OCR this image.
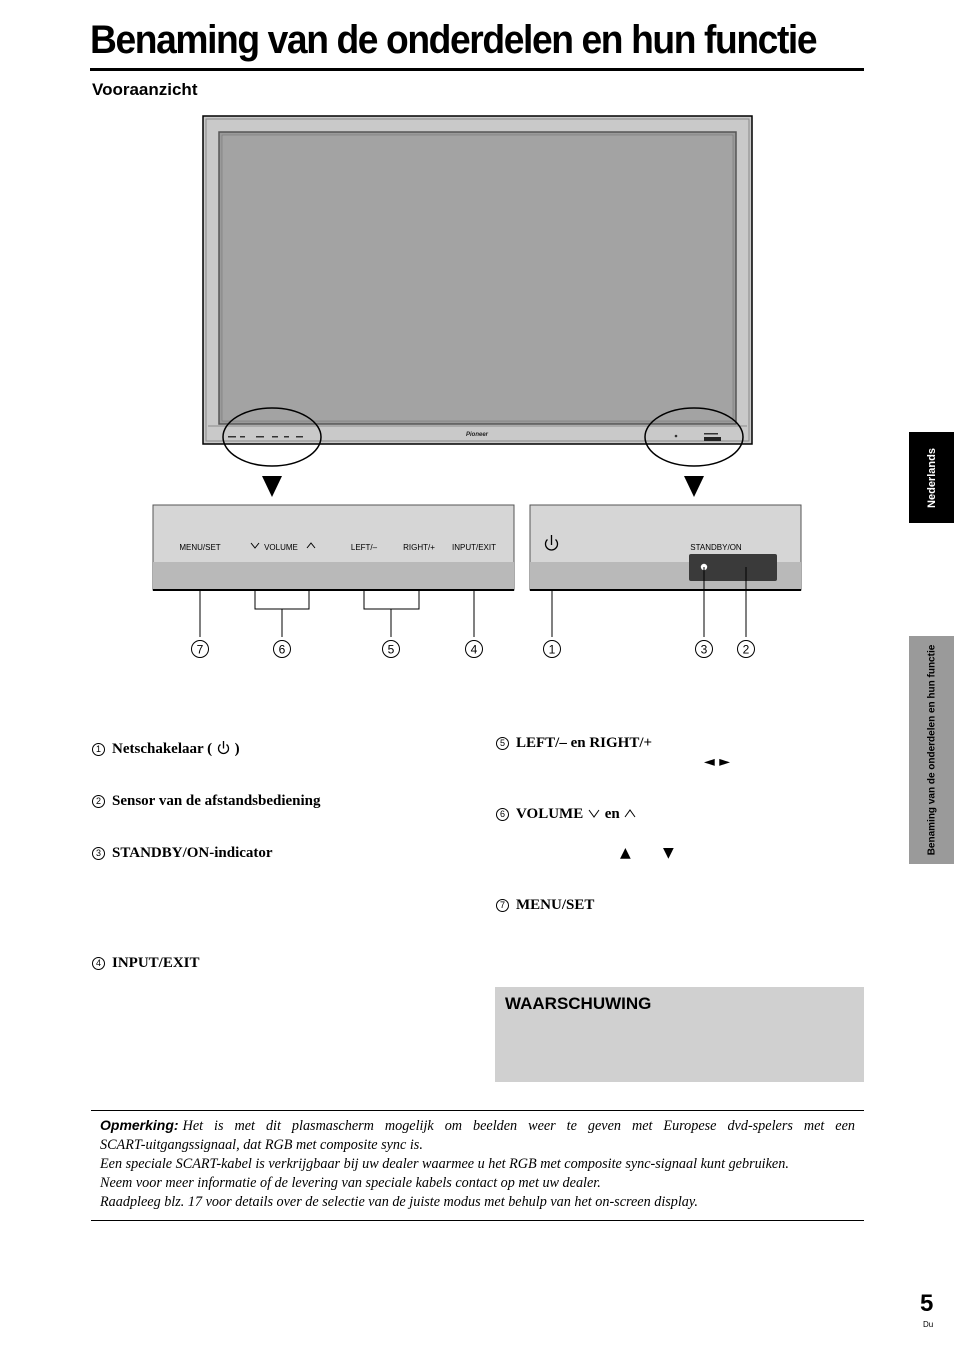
Benaming van de onderdelen en hun functie
Vooraanzicht
Nederlands
Benaming van de onderdelen en hun functie
Pioneer
MENU/SET	VOLUME	LEFT/–	RIGHT/+ INPUT/EXIT	STANDBY/ON
7	6	5	4	1	3	2
1 Netschakelaar ( )
2 Sensor van de afstandsbediening
3 STANDBY/ON-indicator
4 INPUT/EXIT
5 LEFT/– en RIGHT/+
◄ ►
6 VOLUME en
▲ ▼
7 MENU/SET
WAARSCHUWING
Opmerking: Het is met dit plasmascherm mogelijk om beelden weer te geven met Europese dvd-spelers met een
SCART-uitgangssignaal, dat RGB met composite sync is.
Een speciale SCART-kabel is verkrijgbaar bij uw dealer waarmee u het RGB met composite sync-signaal kunt gebruiken.
Neem voor meer informatie of de levering van speciale kabels contact op met uw dealer.
Raadpleeg blz. 17 voor details over de selectie van de juiste modus met behulp van het on-screen display.
5
Du
